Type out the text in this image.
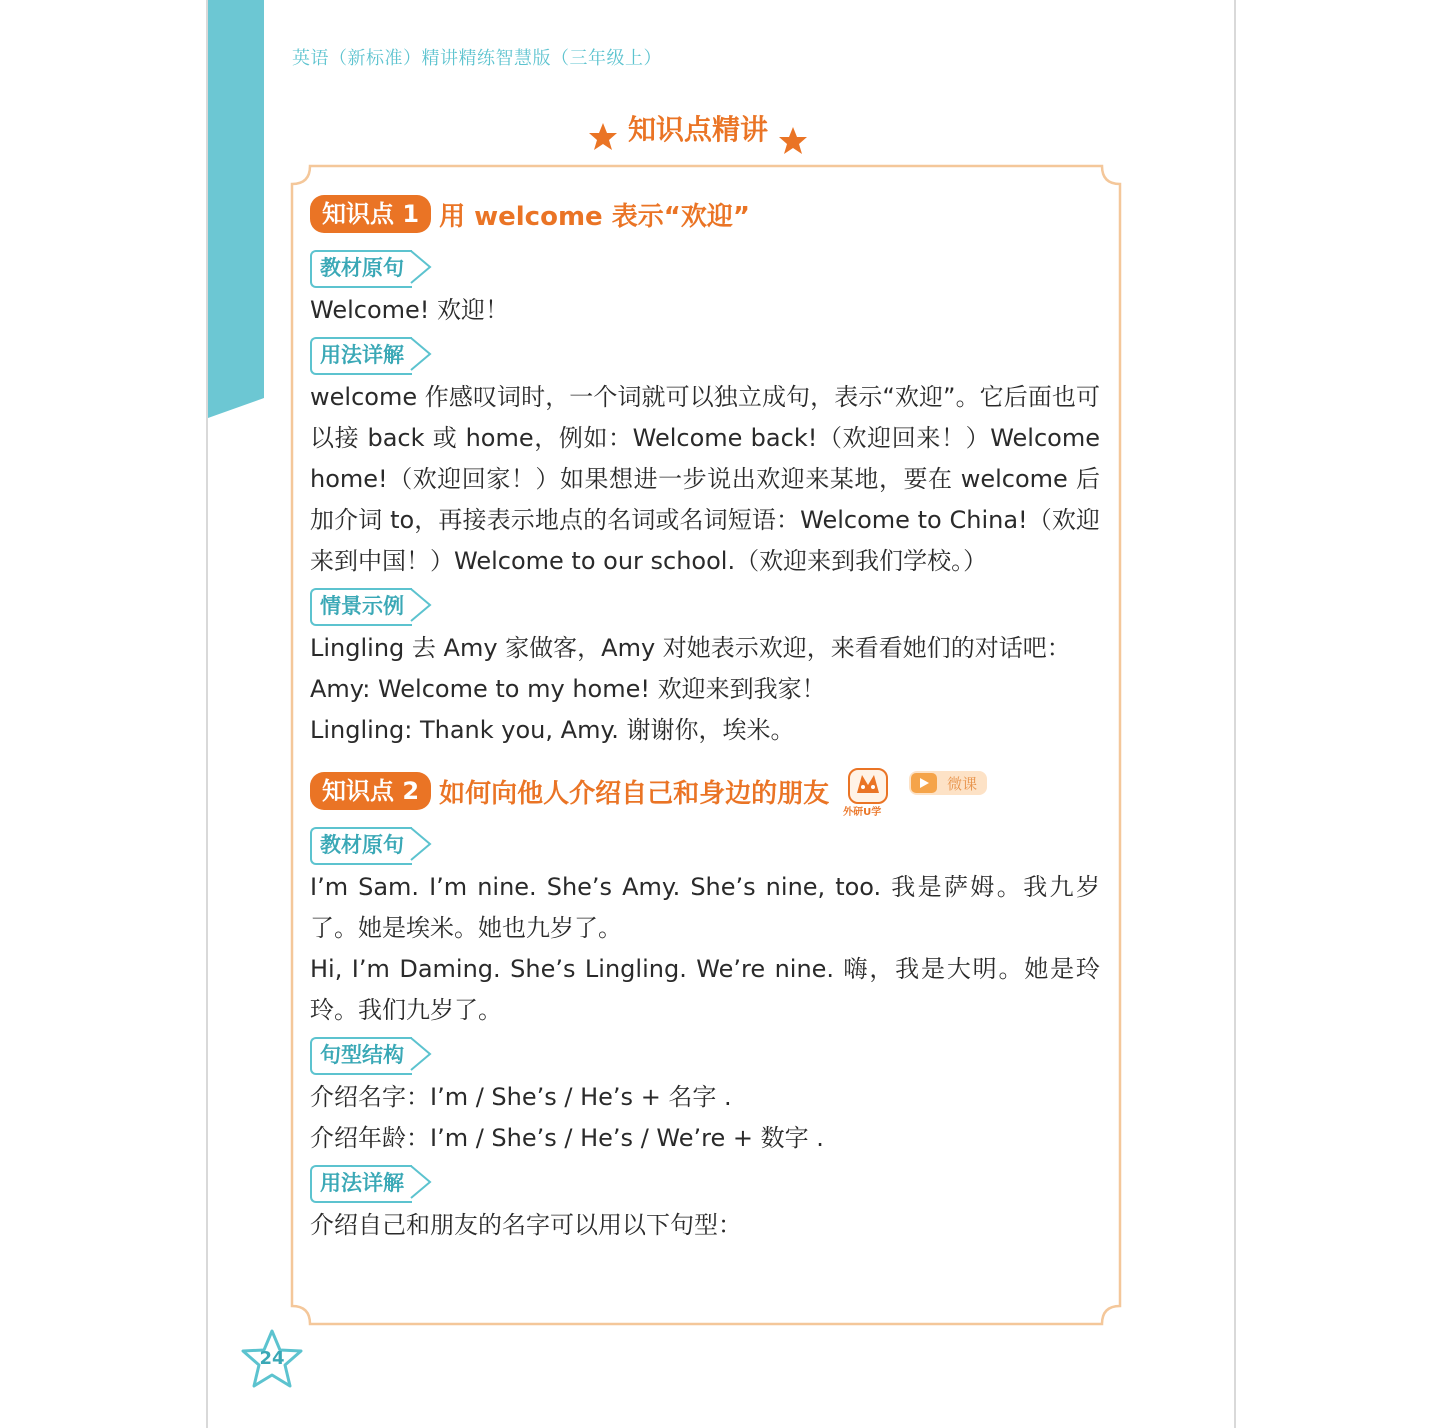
英语（新标准）精讲精练智慧版（三年级上）
知识点精讲
知识点 1 用 welcome 表示“欢迎”
教材原句

Welcome! 欢迎！

用法详解

welcome 作感叹词时，一个词就可以独立成句，表示“欢迎”。它后面也可以接 back 或 home，例如：Welcome back!（欢迎回来！）Welcome home!（欢迎回家！）如果想进一步说出欢迎来某地，要在 welcome 后加介词 to，再接表示地点的名词或名词短语：Welcome to China!（欢迎来到中国！）Welcome to our school.（欢迎来到我们学校。）

情景示例

Lingling 去 Amy 家做客，Amy 对她表示欢迎，来看看她们的对话吧：

Amy: Welcome to my home! 欢迎来到我家！

Lingling: Thank you, Amy. 谢谢你，埃米。

知识点 2 如何向他人介绍自己和身边的朋友
外研U学
微课
教材原句

I’m Sam. I’m nine. She’s Amy. She’s nine, too. 我是萨姆。我九岁了。她是埃米。她也九岁了。

Hi, I’m Daming. She’s Lingling. We’re nine. 嗨，我是大明。她是玲玲。我们九岁了。

句型结构

介绍名字：I’m / She’s / He’s + 名字 .

介绍年龄：I’m / She’s / He’s / We’re + 数字 .

用法详解

介绍自己和朋友的名字可以用以下句型：

24
